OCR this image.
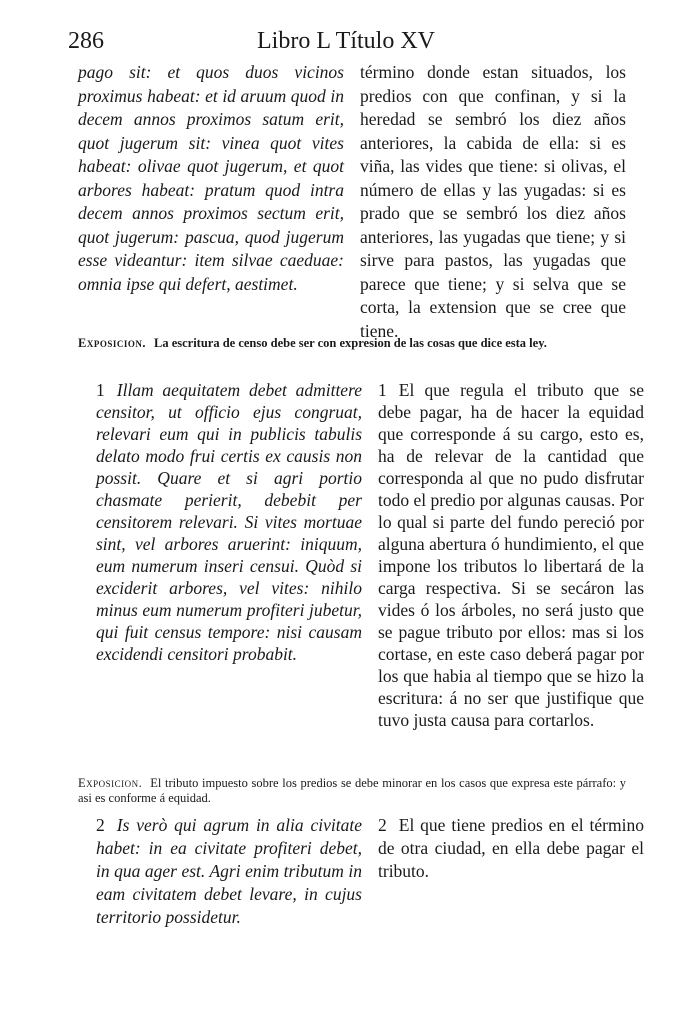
286	Libro L Título XV
pago sit: et quos duos vicinos proximus habeat: et id aruum quod in decem annos proximos satum erit, quot jugerum sit: vinea quot vites habeat: olivae quot jugerum, et quot arbores habeat: pratum quod intra decem annos proximos sectum erit, quot jugerum: pascua, quod jugerum esse videantur: item silvae caeduae: omnia ipse qui defert, aestimet.
término donde estan situados, los predios con que confinan, y si la heredad se sembró los diez años anteriores, la cabida de ella: si es viña, las vides que tiene: si olivas, el número de ellas y las yugadas: si es prado que se sembró los diez años anteriores, las yugadas que tiene; y si sirve para pastos, las yugadas que parece que tiene; y si selva que se corta, la extension que se cree que tiene.
Exposicion. La escritura de censo debe ser con expresion de las cosas que dice esta ley.
1 Illam aequitatem debet admittere censitor, ut officio ejus congruat, relevari eum qui in publicis tabulis delato modo frui certis ex causis non possit. Quare et si agri portio chasmate perierit, debebit per censitorem relevari. Si vites mortuae sint, vel arbores aruerint: iniquum, eum numerum inseri censui. Quòd si exciderit arbores, vel vites: nihilo minus eum numerum profiteri jubetur, qui fuit census tempore: nisi causam excidendi censitori probabit.
1 El que regula el tributo que se debe pagar, ha de hacer la equidad que corresponde á su cargo, esto es, ha de relevar de la cantidad que corresponda al que no pudo disfrutar todo el predio por algunas causas. Por lo qual si parte del fundo pereció por alguna abertura ó hundimiento, el que impone los tributos lo libertará de la carga respectiva. Si se secáron las vides ó los árboles, no será justo que se pague tributo por ellos: mas si los cortase, en este caso deberá pagar por los que habia al tiempo que se hizo la escritura: á no ser que justifique que tuvo justa causa para cortarlos.
Exposicion. El tributo impuesto sobre los predios se debe minorar en los casos que expresa este párrafo: y asi es conforme á equidad.
2 Is verò qui agrum in alia civitate habet: in ea civitate profiteri debet, in qua ager est. Agri enim tributum in eam civitatem debet levare, in cujus territorio possidetur.
2 El que tiene predios en el término de otra ciudad, en ella debe pagar el tributo.
